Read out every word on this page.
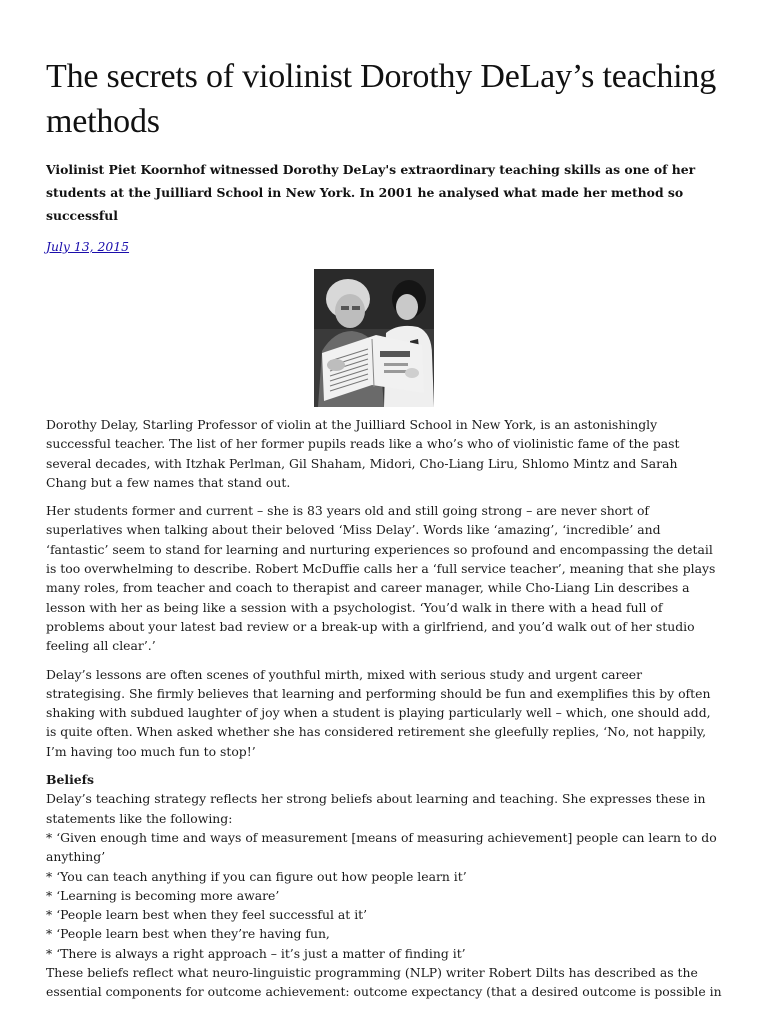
The secrets of violinist Dorothy DeLay’s teaching methods

Violinist Piet Koornhof witnessed Dorothy DeLay's extraordinary teaching skills as one of her students at the Juilliard School in New York. In 2001 he analysed what made her method so successful

July 13, 2015

Dorothy Delay, Starling Professor of violin at the Juilliard School in New York, is an astonishingly successful teacher. The list of her former pupils reads like a who’s who of violinistic fame of the past several decades, with Itzhak Perlman, Gil Shaham, Midori, Cho-Liang Liru, Shlomo Mintz and Sarah Chang but a few names that stand out.

Her students former and current – she is 83 years old and still going strong – are never short of superlatives when talking about their beloved ‘Miss Delay’. Words like ‘amazing’, ‘incredible’ and ‘fantastic’ seem to stand for learning and nurturing experiences so profound and encompassing the detail is too overwhelming to describe. Robert McDuffie calls her a ‘full service teacher’, meaning that she plays many roles, from teacher and coach to therapist and career manager, while Cho-Liang Lin describes a lesson with her as being like a session with a psychologist. ‘You’d walk in there with a head full of problems about your latest bad review or a break-up with a girlfriend, and you’d walk out of her studio feeling all clear’.’

Delay’s lessons are often scenes of youthful mirth, mixed with serious study and urgent career strategising. She firmly believes that learning and performing should be fun and exemplifies this by often shaking with subdued laughter of joy when a student is playing particularly well – which, one should add, is quite often. When asked whether she has considered retirement she gleefully replies, ‘No, not happily, I’m having too much fun to stop!’

Beliefs

Delay’s teaching strategy reflects her strong beliefs about learning and teaching. She expresses these in statements like the following:

* ‘Given enough time and ways of measurement [means of measuring achievement] people can learn to do anything’
* ‘You can teach anything if you can figure out how people learn it’
* ‘Learning is becoming more aware’
* ‘People learn best when they feel successful at it’
* ‘People learn best when they’re having fun,
* ‘There is always a right approach – it’s just a matter of finding it’

These beliefs reflect what neuro-linguistic programming (NLP) writer Robert Dilts has described as the essential components for outcome achievement: outcome expectancy (that a desired outcome is possible in
